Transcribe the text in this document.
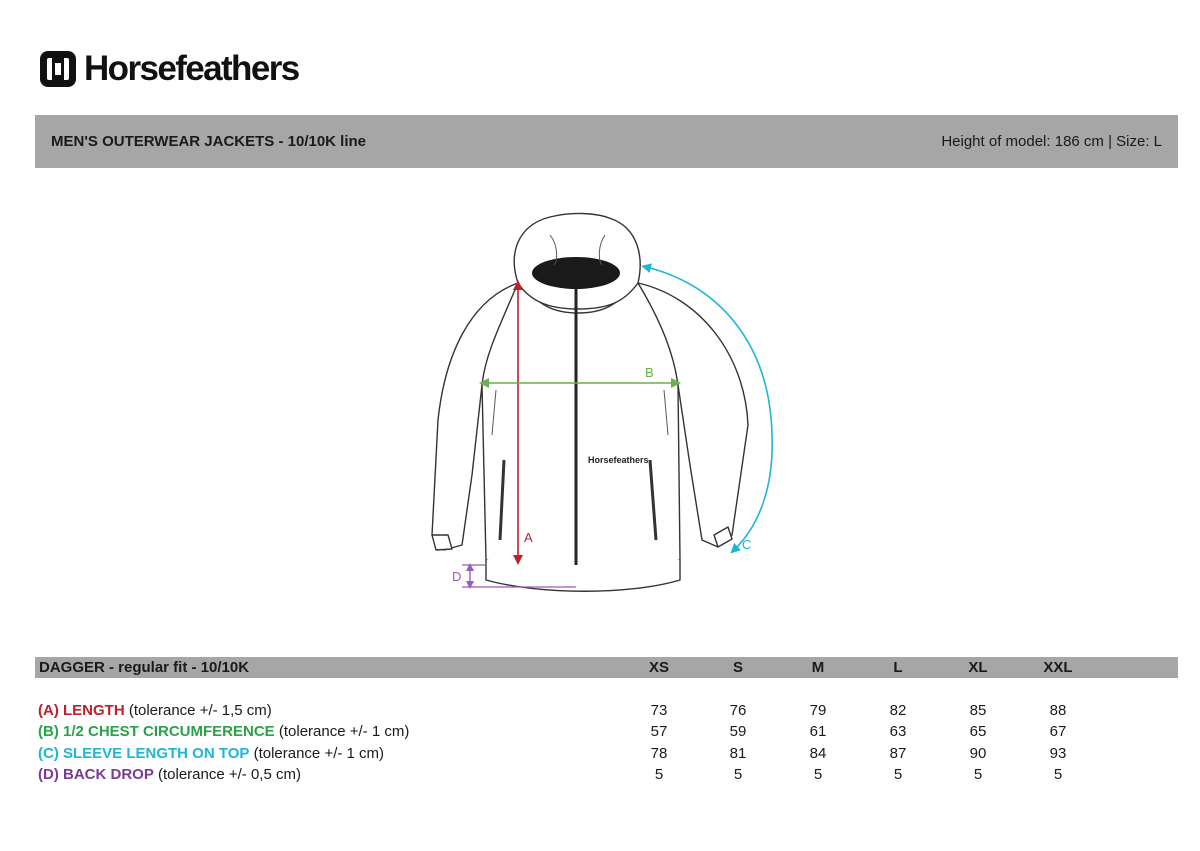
Horsefeathers
MEN'S OUTERWEAR JACKETS - 10/10K line	Height of model: 186 cm | Size: L
Horsefeathers
A
B
C
D
DAGGER - regular fit - 10/10K	XS	S	M	L	XL	XXL
(A) LENGTH (tolerance +/- 1,5 cm)	73	76	79	82	85	88
(B) 1/2 CHEST CIRCUMFERENCE (tolerance +/- 1 cm)	57	59	61	63	65	67
(C) SLEEVE LENGTH ON TOP (tolerance +/- 1 cm)	78	81	84	87	90	93
(D) BACK DROP (tolerance +/- 0,5 cm)	5	5	5	5	5	5
